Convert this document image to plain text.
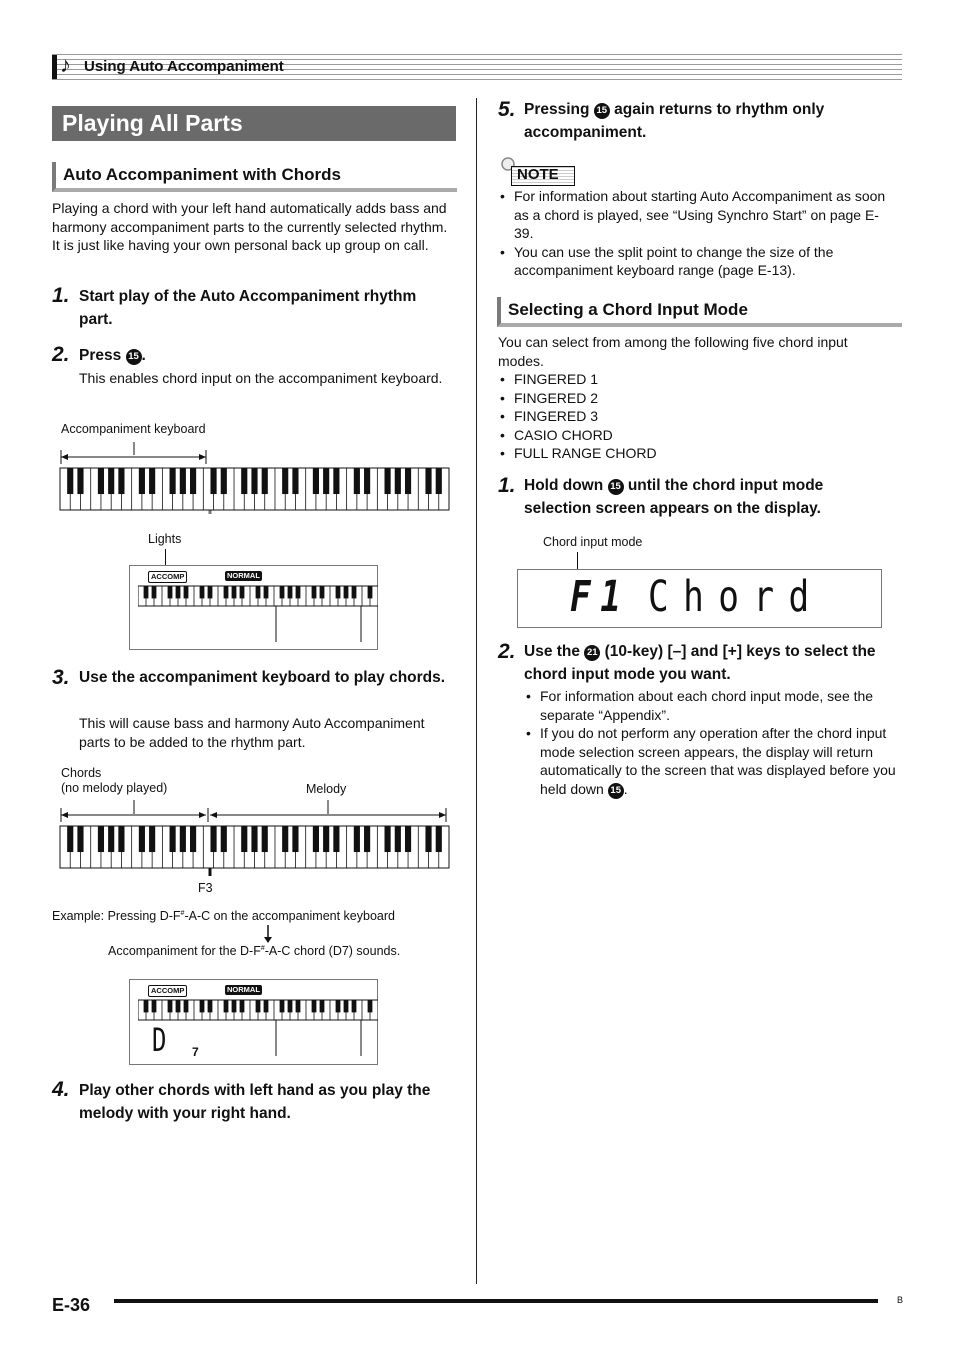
♪ Using Auto Accompaniment
Playing All Parts
Auto Accompaniment with Chords
Playing a chord with your left hand automatically adds bass and harmony accompaniment parts to the currently selected rhythm. It is just like having your own personal back up group on call.
1. Start play of the Auto Accompaniment rhythm part.
2. Press 15 .
This enables chord input on the accompaniment keyboard.
Accompaniment keyboard
Lights
ACCOMP	NORMAL
3. Use the accompaniment keyboard to play chords.
This will cause bass and harmony Auto Accompaniment parts to be added to the rhythm part.
Chords
(no melody played)	Melody
F3
Example: Pressing D-F#-A-C on the accompaniment keyboard
Accompaniment for the D-F#-A-C chord (D7) sounds.
ACCOMP	NORMAL
D 7
4. Play other chords with left hand as you play the melody with your right hand.
5. Pressing 15 again returns to rhythm only accompaniment.
NOTE
• For information about starting Auto Accompaniment as soon as a chord is played, see “Using Synchro Start” on page E-39.
• You can use the split point to change the size of the accompaniment keyboard range (page E-13).
Selecting a Chord Input Mode
You can select from among the following five chord input modes.
• FINGERED 1
• FINGERED 2
• FINGERED 3
• CASIO CHORD
• FULL RANGE CHORD
1. Hold down 15 until the chord input mode selection screen appears on the display.
Chord input mode
F1 Chord
2. Use the 21 (10-key) [–] and [+] keys to select the chord input mode you want.
• For information about each chord input mode, see the separate “Appendix”.
• If you do not perform any operation after the chord input mode selection screen appears, the display will return automatically to the screen that was displayed before you held down 15 .
E-36	B
